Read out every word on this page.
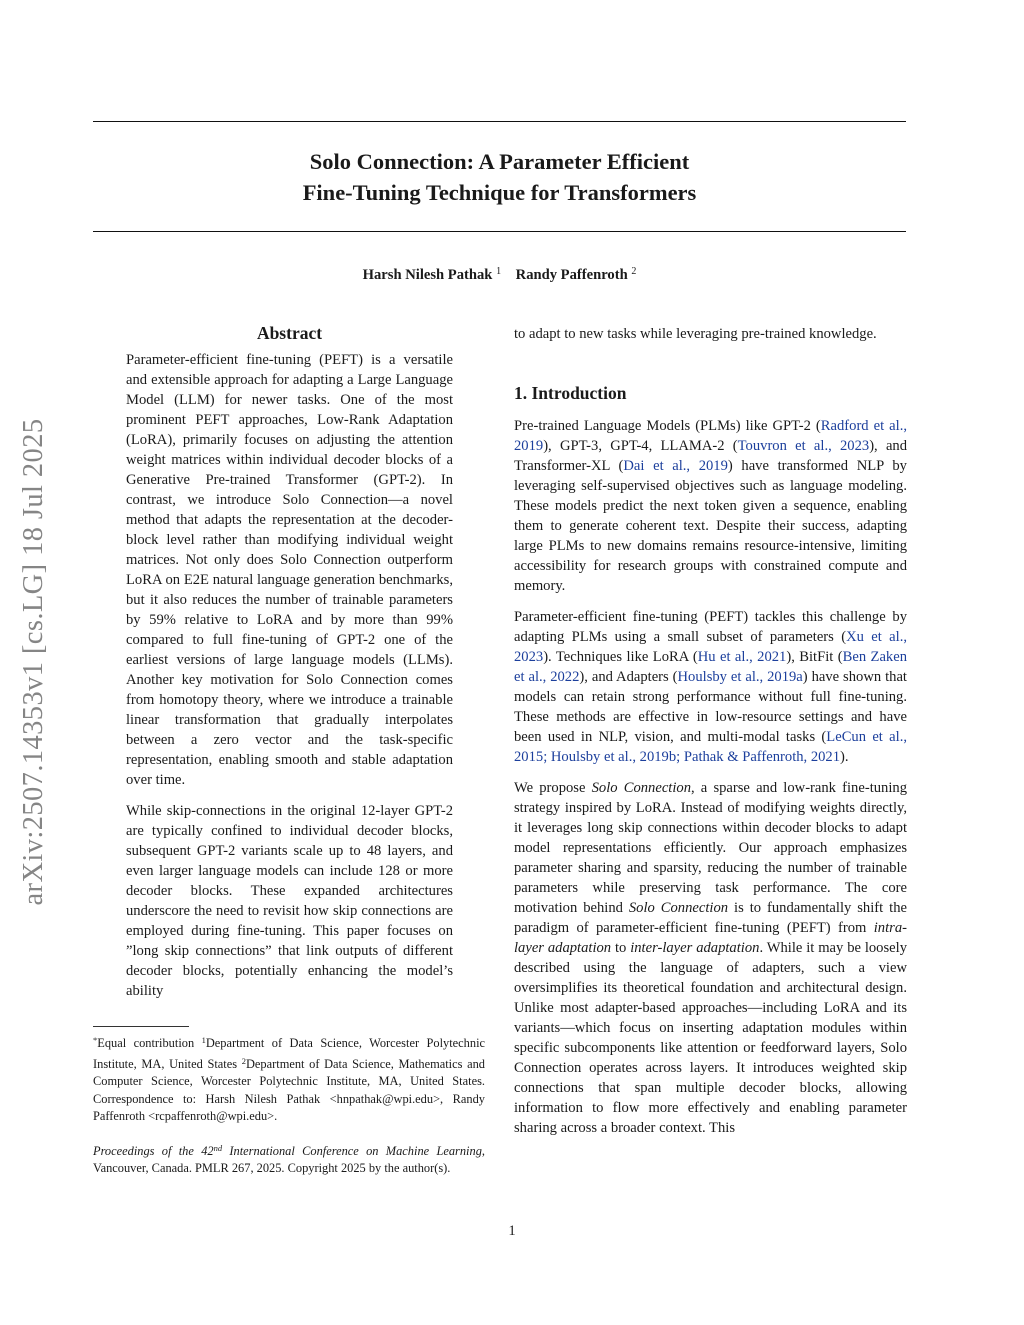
arXiv:2507.14353v1 [cs.LG] 18 Jul 2025
Solo Connection: A Parameter Efficient
Fine-Tuning Technique for Transformers
Harsh Nilesh Pathak $^1$ Randy Paffenroth $^2$
Abstract

Parameter-efficient fine-tuning (PEFT) is a versatile and extensible approach for adapting a Large Language Model (LLM) for newer tasks. One of the most prominent PEFT approaches, Low-Rank Adaptation (LoRA), primarily focuses on adjusting the attention weight matrices within individual decoder blocks of a Generative Pre-trained Transformer (GPT-2). In contrast, we introduce Solo Connection—a novel method that adapts the representation at the decoder-block level rather than modifying individual weight matrices. Not only does Solo Connection outperform LoRA on E2E natural language generation benchmarks, but it also reduces the number of trainable parameters by 59% relative to LoRA and by more than 99% compared to full fine-tuning of GPT-2 one of the earliest versions of large language models (LLMs). Another key motivation for Solo Connection comes from homotopy theory, where we introduce a trainable linear transformation that gradually interpolates between a zero vector and the task-specific representation, enabling smooth and stable adaptation over time.

While skip-connections in the original 12-layer GPT-2 are typically confined to individual decoder blocks, subsequent GPT-2 variants scale up to 48 layers, and even larger language models can include 128 or more decoder blocks. These expanded architectures underscore the need to revisit how skip connections are employed during fine-tuning. This paper focuses on ”long skip connections” that link outputs of different decoder blocks, potentially enhancing the model’s ability

*Equal contribution $^1$Department of Data Science, Worcester Polytechnic Institute, MA, United States $^2$Department of Data Science, Mathematics and Computer Science, Worcester Polytechnic Institute, MA, United States. Correspondence to: Harsh Nilesh Pathak <hnpathak@wpi.edu>, Randy Paffenroth <rcpaffenroth@wpi.edu>.

Proceedings of the 42nd International Conference on Machine Learning, Vancouver, Canada. PMLR 267, 2025. Copyright 2025 by the author(s).

to adapt to new tasks while leveraging pre-trained knowledge.

1. Introduction

Pre-trained Language Models (PLMs) like GPT-2 (Radford et al., 2019), GPT-3, GPT-4, LLAMA-2 (Touvron et al., 2023), and Transformer-XL (Dai et al., 2019) have transformed NLP by leveraging self-supervised objectives such as language modeling. These models predict the next token given a sequence, enabling them to generate coherent text. Despite their success, adapting large PLMs to new domains remains resource-intensive, limiting accessibility for research groups with constrained compute and memory.

Parameter-efficient fine-tuning (PEFT) tackles this challenge by adapting PLMs using a small subset of parameters (Xu et al., 2023). Techniques like LoRA (Hu et al., 2021), BitFit (Ben Zaken et al., 2022), and Adapters (Houlsby et al., 2019a) have shown that models can retain strong performance without full fine-tuning. These methods are effective in low-resource settings and have been used in NLP, vision, and multi-modal tasks (LeCun et al., 2015; Houlsby et al., 2019b; Pathak & Paffenroth, 2021).

We propose Solo Connection, a sparse and low-rank fine-tuning strategy inspired by LoRA. Instead of modifying weights directly, it leverages long skip connections within decoder blocks to adapt model representations efficiently. Our approach emphasizes parameter sharing and sparsity, reducing the number of trainable parameters while preserving task performance. The core motivation behind Solo Connection is to fundamentally shift the paradigm of parameter-efficient fine-tuning (PEFT) from intra-layer adaptation to inter-layer adaptation. While it may be loosely described using the language of adapters, such a view oversimplifies its theoretical foundation and architectural design. Unlike most adapter-based approaches—including LoRA and its variants—which focus on inserting adaptation modules within specific subcomponents like attention or feedforward layers, Solo Connection operates across layers. It introduces weighted skip connections that span multiple decoder blocks, allowing information to flow more effectively and enabling parameter sharing across a broader context. This

1
